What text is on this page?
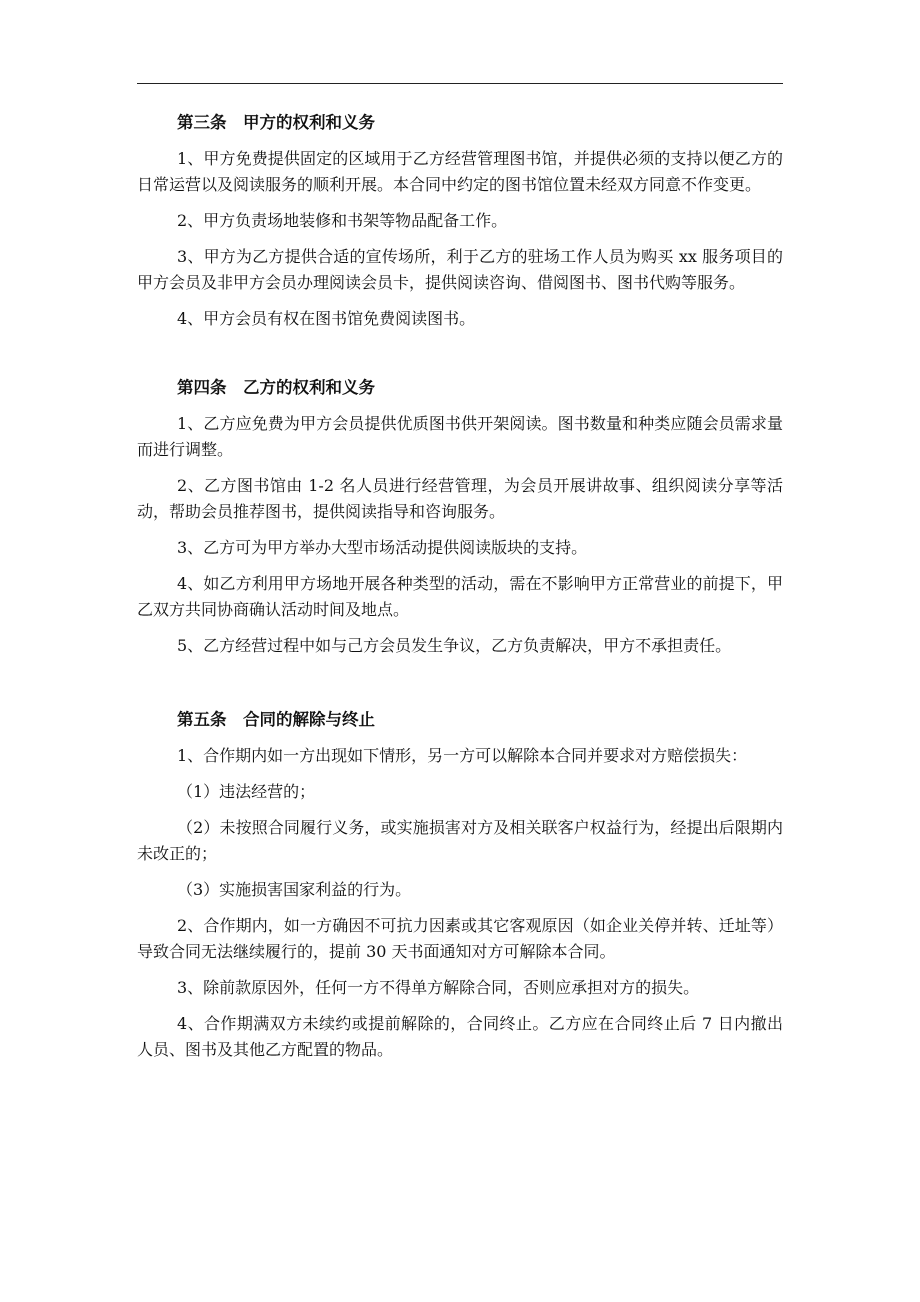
第三条　甲方的权利和义务

1、甲方免费提供固定的区域用于乙方经营管理图书馆，并提供必须的支持以便乙方的日常运营以及阅读服务的顺利开展。本合同中约定的图书馆位置未经双方同意不作变更。

2、甲方负责场地装修和书架等物品配备工作。

3、甲方为乙方提供合适的宣传场所，利于乙方的驻场工作人员为购买 xx 服务项目的甲方会员及非甲方会员办理阅读会员卡，提供阅读咨询、借阅图书、图书代购等服务。

4、甲方会员有权在图书馆免费阅读图书。

第四条　乙方的权利和义务

1、乙方应免费为甲方会员提供优质图书供开架阅读。图书数量和种类应随会员需求量而进行调整。

2、乙方图书馆由 1-2 名人员进行经营管理，为会员开展讲故事、组织阅读分享等活动，帮助会员推荐图书，提供阅读指导和咨询服务。

3、乙方可为甲方举办大型市场活动提供阅读版块的支持。

4、如乙方利用甲方场地开展各种类型的活动，需在不影响甲方正常营业的前提下，甲乙双方共同协商确认活动时间及地点。

5、乙方经营过程中如与己方会员发生争议，乙方负责解决，甲方不承担责任。

第五条　合同的解除与终止

1、合作期内如一方出现如下情形，另一方可以解除本合同并要求对方赔偿损失：

（1）违法经营的；

（2）未按照合同履行义务，或实施损害对方及相关联客户权益行为，经提出后限期内未改正的；

（3）实施损害国家利益的行为。

2、合作期内，如一方确因不可抗力因素或其它客观原因（如企业关停并转、迁址等）导致合同无法继续履行的，提前 30 天书面通知对方可解除本合同。

3、除前款原因外，任何一方不得单方解除合同，否则应承担对方的损失。

4、合作期满双方未续约或提前解除的，合同终止。乙方应在合同终止后 7 日内撤出人员、图书及其他乙方配置的物品。
